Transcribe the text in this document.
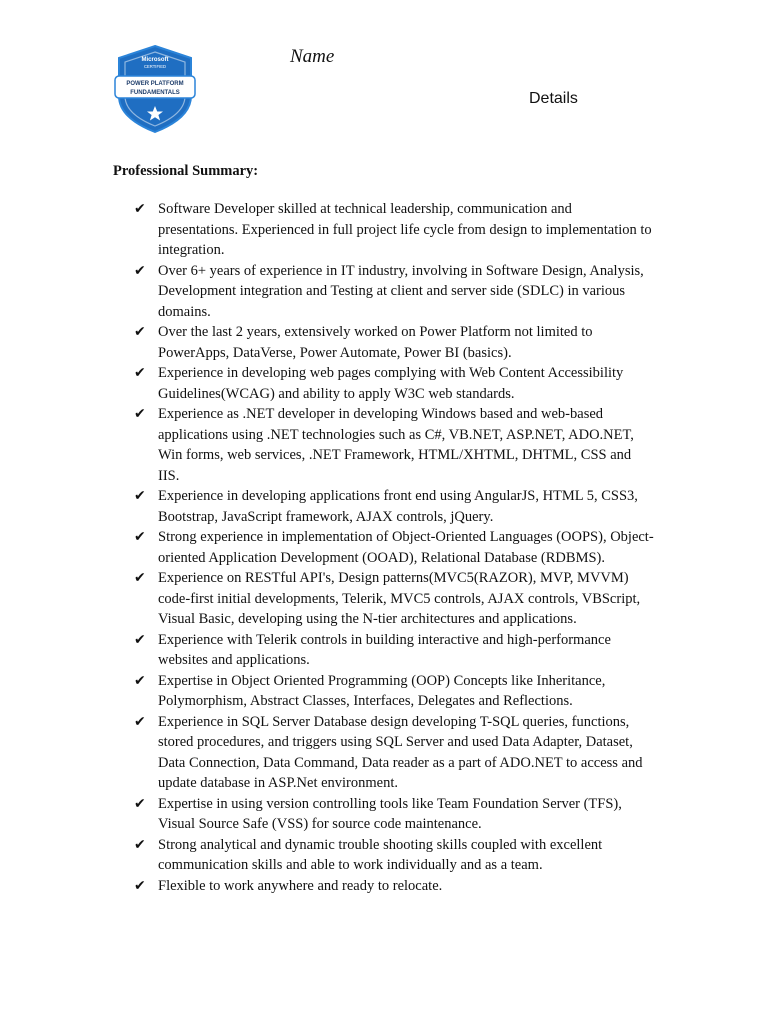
Microsoft
CERTIFIED
POWER PLATFORM
FUNDAMENTALS
Name
Details
Professional Summary:
✔ Software Developer skilled at technical leadership, communication and presentations. Experienced in full project life cycle from design to implementation to integration.
✔ Over 6+ years of experience in IT industry, involving in Software Design, Analysis, Development integration and Testing at client and server side (SDLC) in various domains.
✔ Over the last 2 years, extensively worked on Power Platform not limited to PowerApps, DataVerse, Power Automate, Power BI (basics).
✔ Experience in developing web pages complying with Web Content Accessibility Guidelines(WCAG) and ability to apply W3C web standards.
✔ Experience as .NET developer in developing Windows based and web-based applications using .NET technologies such as C#, VB.NET, ASP.NET, ADO.NET, Win forms, web services, .NET Framework, HTML/XHTML, DHTML, CSS and IIS.
✔ Experience in developing applications front end using AngularJS, HTML 5, CSS3, Bootstrap, JavaScript framework, AJAX controls, jQuery.
✔ Strong experience in implementation of Object-Oriented Languages (OOPS), Object-oriented Application Development (OOAD), Relational Database (RDBMS).
✔ Experience on RESTful API's, Design patterns(MVC5(RAZOR), MVP, MVVM) code-first initial developments, Telerik, MVC5 controls, AJAX controls, VBScript, Visual Basic, developing using the N-tier architectures and applications.
✔ Experience with Telerik controls in building interactive and high-performance websites and applications.
✔ Expertise in Object Oriented Programming (OOP) Concepts like Inheritance, Polymorphism, Abstract Classes, Interfaces, Delegates and Reflections.
✔ Experience in SQL Server Database design developing T-SQL queries, functions, stored procedures, and triggers using SQL Server and used Data Adapter, Dataset, Data Connection, Data Command, Data reader as a part of ADO.NET to access and update database in ASP.Net environment.
✔ Expertise in using version controlling tools like Team Foundation Server (TFS), Visual Source Safe (VSS) for source code maintenance.
✔ Strong analytical and dynamic trouble shooting skills coupled with excellent communication skills and able to work individually and as a team.
✔ Flexible to work anywhere and ready to relocate.
